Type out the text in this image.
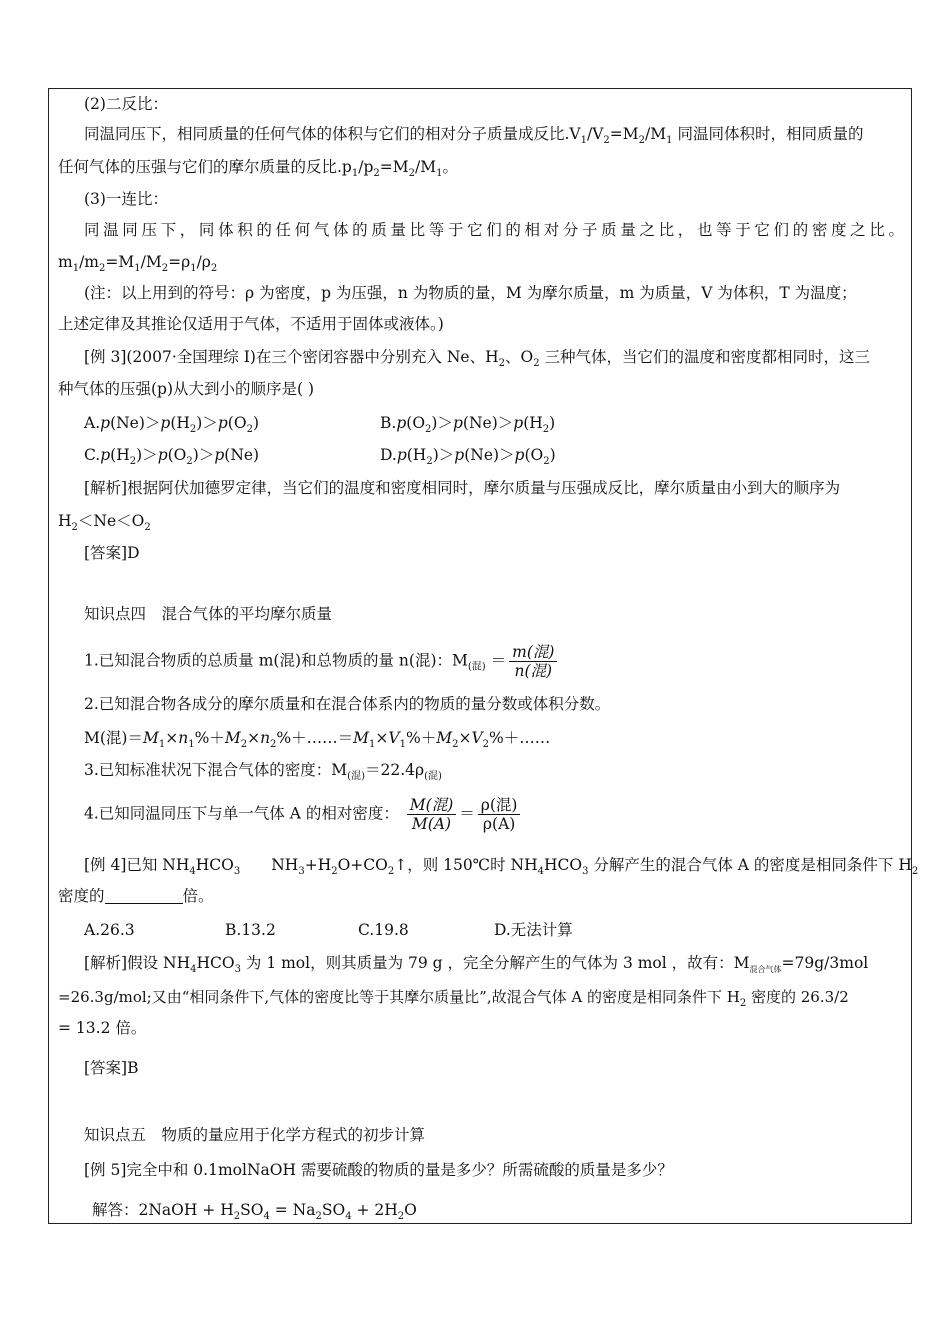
(2)二反比：
同温同压下，相同质量的任何气体的体积与它们的相对分子质量成反比$.V_1/V_2=M_2/M_1$ 同温同体积时，相同质量的
任何气体的压强与它们的摩尔质量的反比$.p_1/p_2=M_2/M_1$。
(3)一连比：
同温同压下，同体积的任何气体的质量比等于它们的相对分子质量之比，也等于它们的密度之比。
$m_1/m_2=M_1/M_2=\rho_1/\rho_2$
(注：以上用到的符号：ρ 为密度，p 为压强，n 为物质的量，M 为摩尔质量，m 为质量，V 为体积，T 为温度；
上述定律及其推论仅适用于气体，不适用于固体或液体。)
[例 3](2007·全国理综 I)在三个密闭容器中分别充入 Ne、$H_2$、$O_2$ 三种气体，当它们的温度和密度都相同时，这三
种气体的压强(p)从大到小的顺序是( )
$A.p(Ne)>p(H_2)>p(O_2)$	$B.p(O_2)>p(Ne)>p(H_2)$
$C.p(H_2)>p(O_2)>p(Ne)$	$D.p(H_2)>p(Ne)>p(O_2)$
[解析]根据阿伏加德罗定律，当它们的温度和密度相同时，摩尔质量与压强成反比，摩尔质量由小到大的顺序为
$H_2<Ne<O_2$
[答案]D
知识点四　混合气体的平均摩尔质量
1.已知混合物质的总质量 m(混)和总物质的量 n(混)：$M_{(混)} = \frac{\text{m(混)}}{\text{n(混)}}$
2.已知混合物各成分的摩尔质量和在混合体系内的物质的量分数或体积分数。
M(混)$=M_1\times n_1\%+M_2\times n_2\%+\dots\dots=M_1\times V_1\%+M_2\times V_2\%+\dots\dots$
3.已知标准状况下混合气体的密度：$M_{(混)}=22.4\rho_{(混)}$
4.已知同温同压下与单一气体 A 的相对密度： $\frac{\text{M(混)}}{M(A)} = \frac{\text{ρ(混)}}{\rho(A)}$
[例 4]已知 $NH_4HCO_3$  $NH_3+H_2O+CO_2↑$，则 150℃时 $NH_4HCO_3$ 分解产生的混合气体 A 的密度是相同条件下 $H_2$
密度的	倍。
A.26.3	B.13.2	C.19.8	D.无法计算
[解析]假设 $NH_4HCO_3$ 为 1 mol，则其质量为 79 g ，完全分解产生的气体为 3 mol ，故有：$M_{混合气体}=79g/3mol$
=26.3g/mol;又由“相同条件下,气体的密度比等于其摩尔质量比”,故混合气体 A 的密度是相同条件下 $H_2$ 密度的 26.3/2
= 13.2 倍。
[答案]B
知识点五　物质的量应用于化学方程式的初步计算
[例 5]完全中和 0.1molNaOH 需要硫酸的物质的量是多少？所需硫酸的质量是多少？
解答：2NaOH + $H_2SO_4 = Na_2SO_4 + 2H_2O$
